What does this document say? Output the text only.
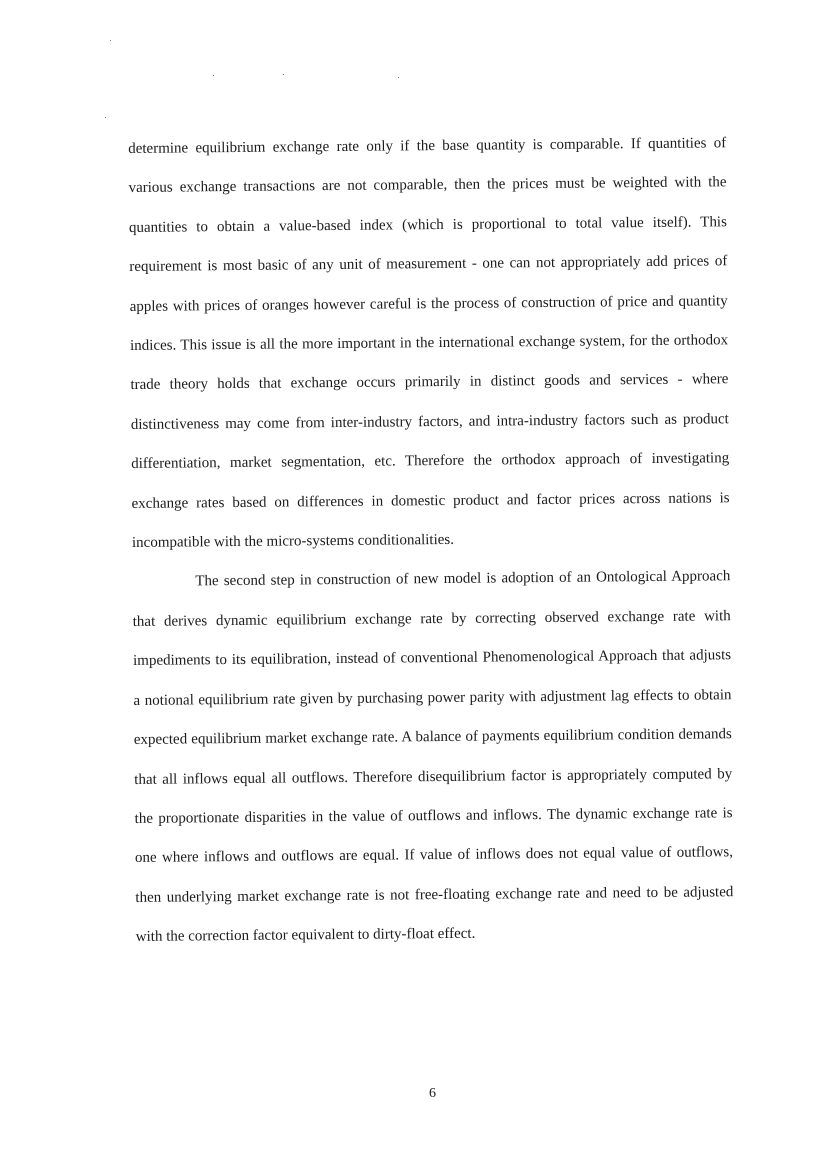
determine equilibrium exchange rate only if the base quantity is comparable. If quantities of various exchange transactions are not comparable, then the prices must be weighted with the quantities to obtain a value-based index (which is proportional to total value itself). This requirement is most basic of any unit of measurement - one can not appropriately add prices of apples with prices of oranges however careful is the process of construction of price and quantity indices. This issue is all the more important in the international exchange system, for the orthodox trade theory holds that exchange occurs primarily in distinct goods and services - where distinctiveness may come from inter-industry factors, and intra-industry factors such as product differentiation, market segmentation, etc. Therefore the orthodox approach of investigating exchange rates based on differences in domestic product and factor prices across nations is incompatible with the micro-systems conditionalities.

The second step in construction of new model is adoption of an Ontological Approach that derives dynamic equilibrium exchange rate by correcting observed exchange rate with impediments to its equilibration, instead of conventional Phenomenological Approach that adjusts a notional equilibrium rate given by purchasing power parity with adjustment lag effects to obtain expected equilibrium market exchange rate. A balance of payments equilibrium condition demands that all inflows equal all outflows. Therefore disequilibrium factor is appropriately computed by the proportionate disparities in the value of outflows and inflows. The dynamic exchange rate is one where inflows and outflows are equal. If value of inflows does not equal value of outflows, then underlying market exchange rate is not free-floating exchange rate and need to be adjusted with the correction factor equivalent to dirty-float effect.

6
